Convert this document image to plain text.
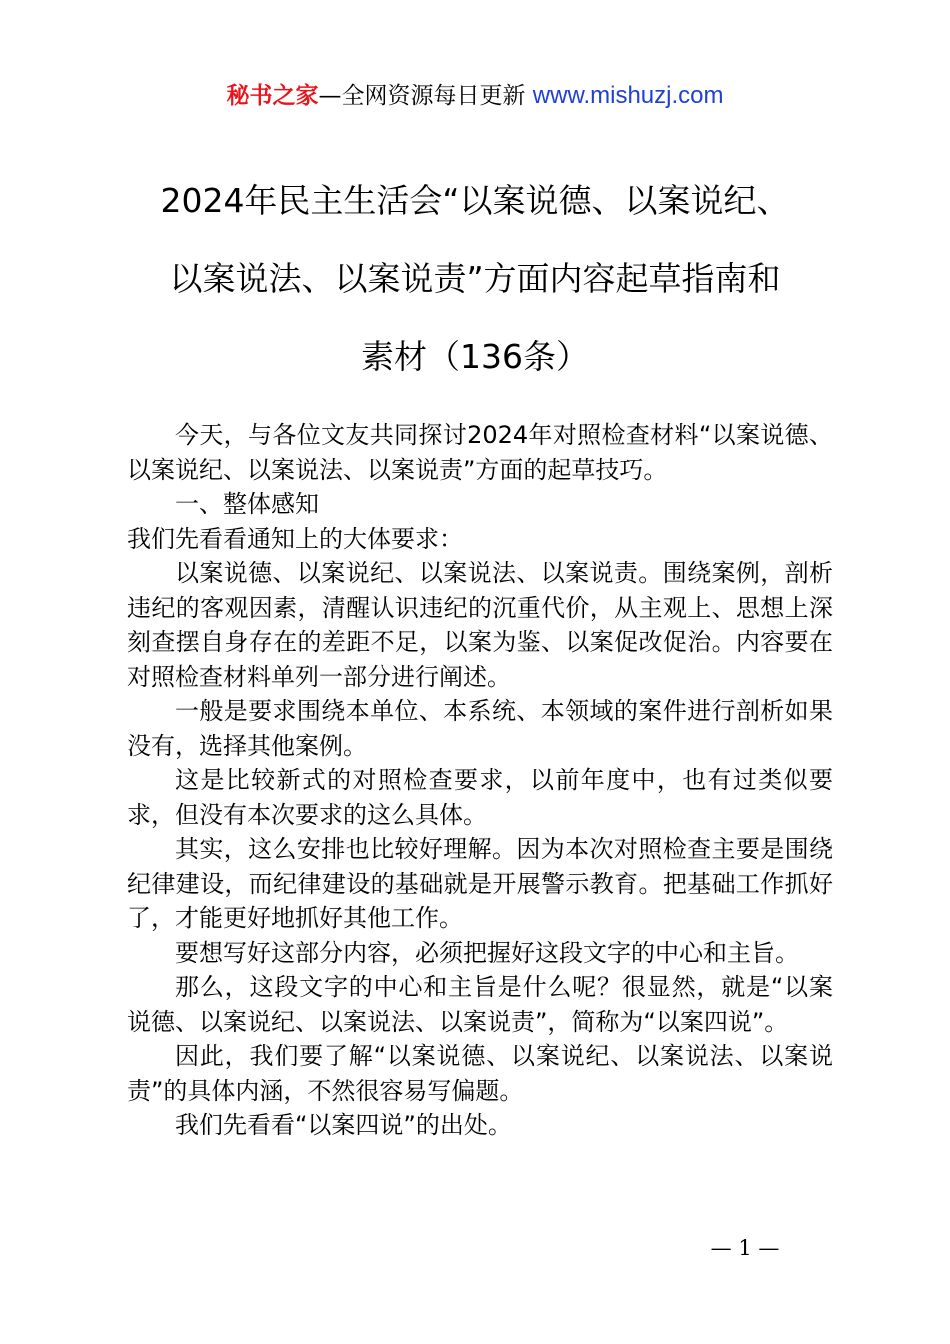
秘书之家—全网资源每日更新 www.mishuzj.com
2024年民主生活会“以案说德、以案说纪、
以案说法、以案说责”方面内容起草指南和
素材（136条）

今天，与各位文友共同探讨2024年对照检查材料“以案说德、以案说纪、以案说法、以案说责”方面的起草技巧。

一、整体感知

我们先看看通知上的大体要求：

以案说德、以案说纪、以案说法、以案说责。围绕案例，剖析违纪的客观因素，清醒认识违纪的沉重代价，从主观上、思想上深刻查摆自身存在的差距不足，以案为鉴、以案促改促治。内容要在对照检查材料单列一部分进行阐述。

一般是要求围绕本单位、本系统、本领域的案件进行剖析如果没有，选择其他案例。

这是比较新式的对照检查要求，以前年度中，也有过类似要求，但没有本次要求的这么具体。

其实，这么安排也比较好理解。因为本次对照检查主要是围绕纪律建设，而纪律建设的基础就是开展警示教育。把基础工作抓好了，才能更好地抓好其他工作。

要想写好这部分内容，必须把握好这段文字的中心和主旨。

那么，这段文字的中心和主旨是什么呢？很显然，就是“以案说德、以案说纪、以案说法、以案说责”，简称为“以案四说”。

因此，我们要了解“以案说德、以案说纪、以案说法、以案说责”的具体内涵，不然很容易写偏题。

我们先看看“以案四说”的出处。

— 1 —
